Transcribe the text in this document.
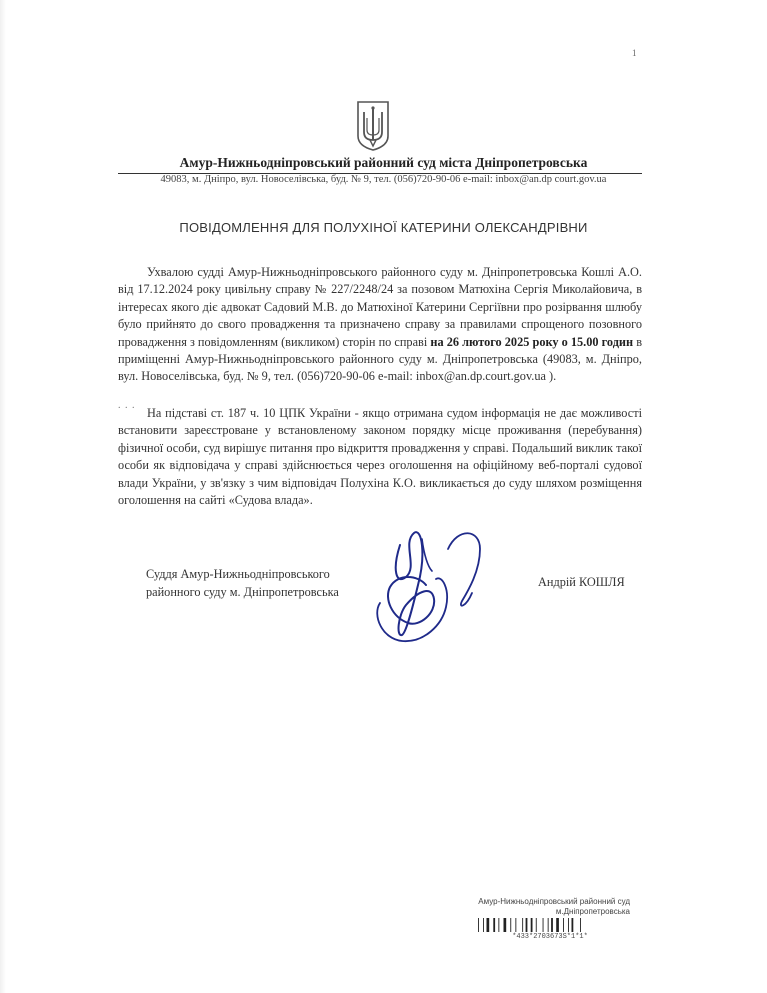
1
Амур-Нижньодніпровський районний суд міста Дніпропетровська
49083, м. Дніпро, вул. Новоселівська, буд. № 9, тел. (056)720-90-06 e-mail: inbox@an.dp court.gov.ua
ПОВІДОМЛЕННЯ ДЛЯ ПОЛУХІНОЇ КАТЕРИНИ ОЛЕКСАНДРІВНИ

Ухвалою судді Амур-Нижньодніпровського районного суду м. Дніпропетровська Кошлі А.О. від 17.12.2024 року цивільну справу № 227/2248/24 за позовом Матюхіна Сергія Миколайовича, в інтересах якого діє адвокат Садовий М.В. до Матюхіної Катерини Сергіївни про розірвання шлюбу було прийнято до свого провадження та призначено справу за правилами спрощеного позовного провадження з повідомленням (викликом) сторін по справі на 26 лютого 2025 року о 15.00 годин в приміщенні Амур-Нижньодніпровського районного суду м. Дніпропетровська (49083, м. Дніпро, вул. Новоселівська, буд. № 9, тел. (056)720-90-06 e-mail: inbox@an.dp.court.gov.ua ).

. . .

На підставі ст. 187 ч. 10 ЦПК України - якщо отримана судом інформація не дає можливості встановити зареєстроване у встановленому законом порядку місце проживання (перебування) фізичної особи, суд вирішує питання про відкриття провадження у справі. Подальший виклик такої особи як відповідача у справі здійснюється через оголошення на офіційному веб-порталі судової влади України, у зв'язку з чим відповідач Полухіна К.О. викликається до суду шляхом розміщення оголошення на сайті «Судова влада».

Суддя Амур-Нижньодніпровського
районного суду м. Дніпропетровська
Андрій КОШЛЯ
Амур-Нижньодніпровський районний суд
м.Дніпропетровська
*433*2703673S*1*1*
